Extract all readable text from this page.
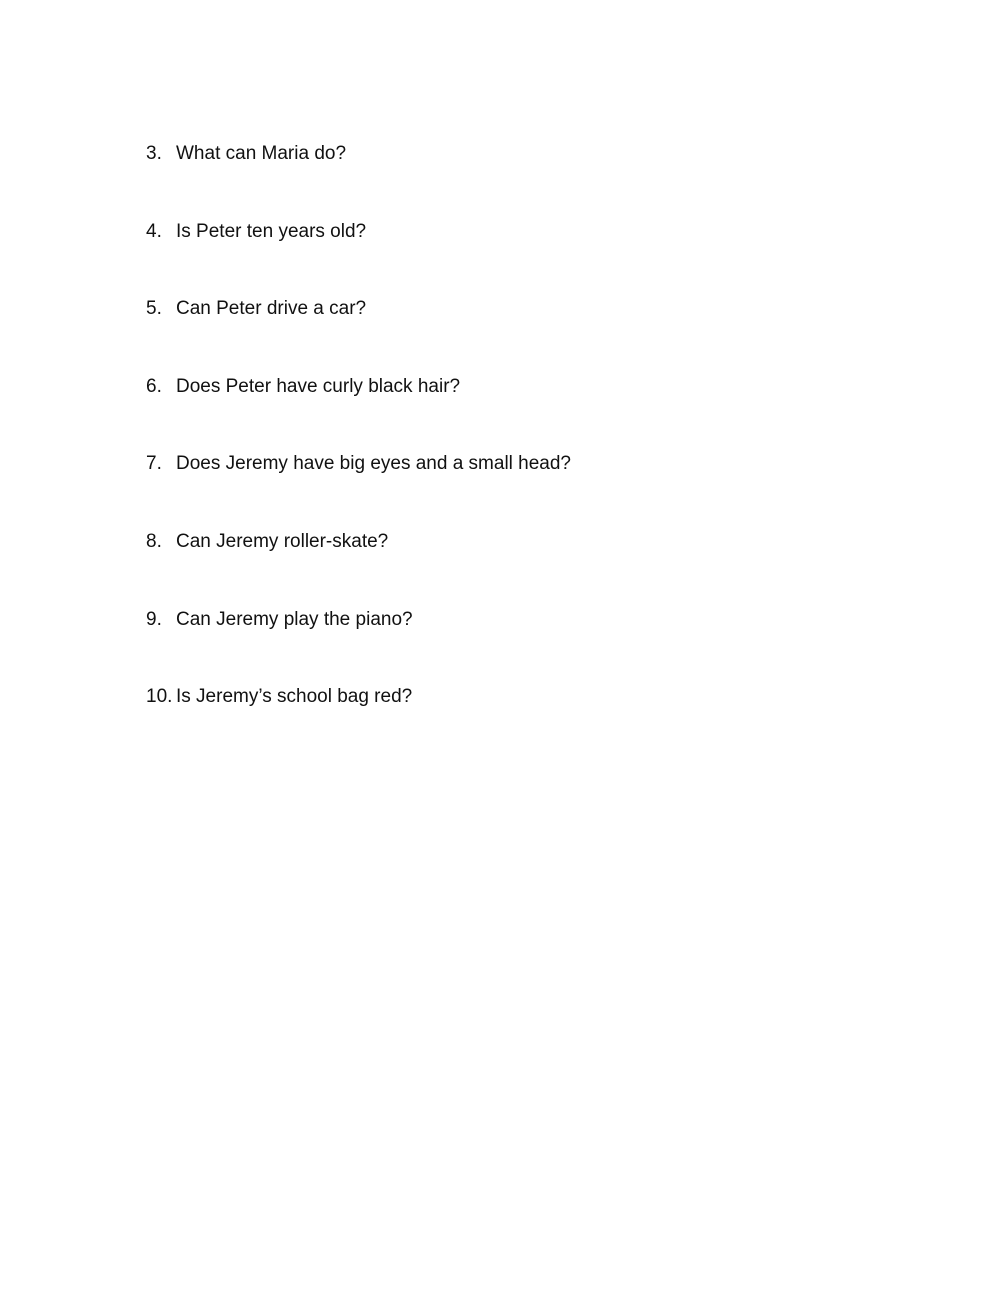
3. What can Maria do?
4. Is Peter ten years old?
5. Can Peter drive a car?
6. Does Peter have curly black hair?
7. Does Jeremy have big eyes and a small head?
8. Can Jeremy roller-skate?
9. Can Jeremy play the piano?
10. Is Jeremy’s school bag red?
